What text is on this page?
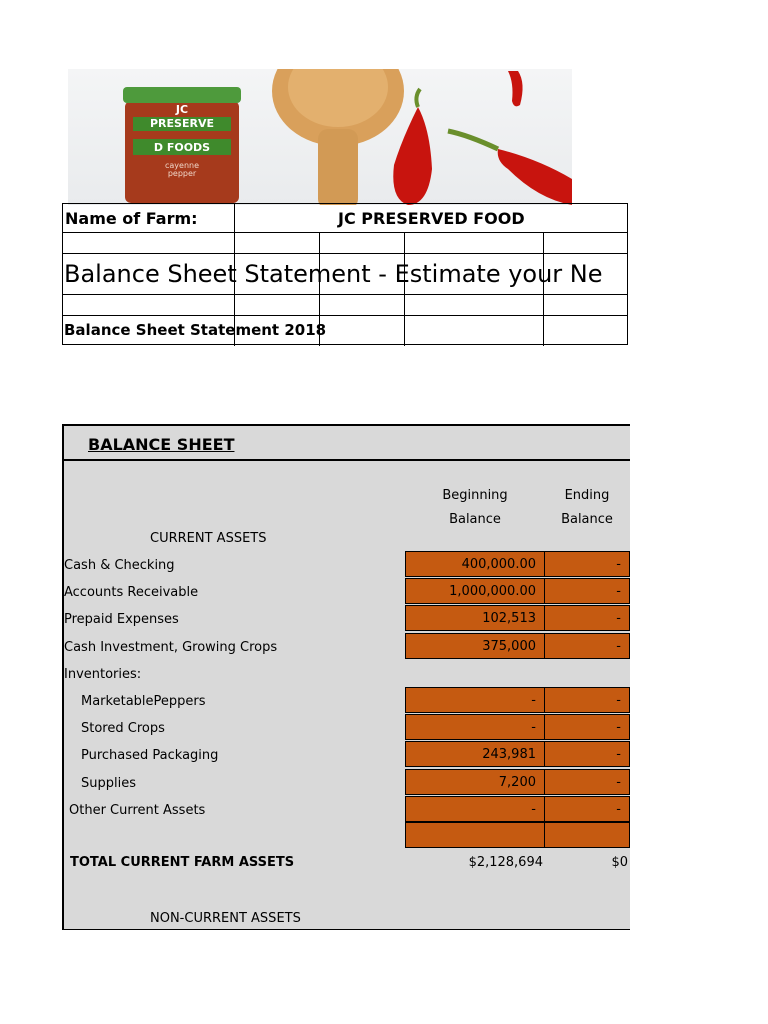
JC
PRESERVE
D FOODS
cayenne
pepper
Name of Farm:	JC PRESERVED FOOD
Balance Sheet Statement - Estimate your Ne
Balance Sheet Statement 2018
BALANCE SHEET
Beginning
Balance
Ending
Balance
CURRENT ASSETS
Cash & Checking	400,000.00	-
Accounts Receivable	1,000,000.00	-
Prepaid Expenses	102,513	-
Cash Investment, Growing Crops	375,000	-
Inventories:
MarketablePeppers	-	-
Stored Crops	-	-
Purchased Packaging	243,981	-
Supplies	7,200	-
Other Current Assets	-	-
TOTAL CURRENT FARM ASSETS	$2,128,694	$0
NON-CURRENT ASSETS
